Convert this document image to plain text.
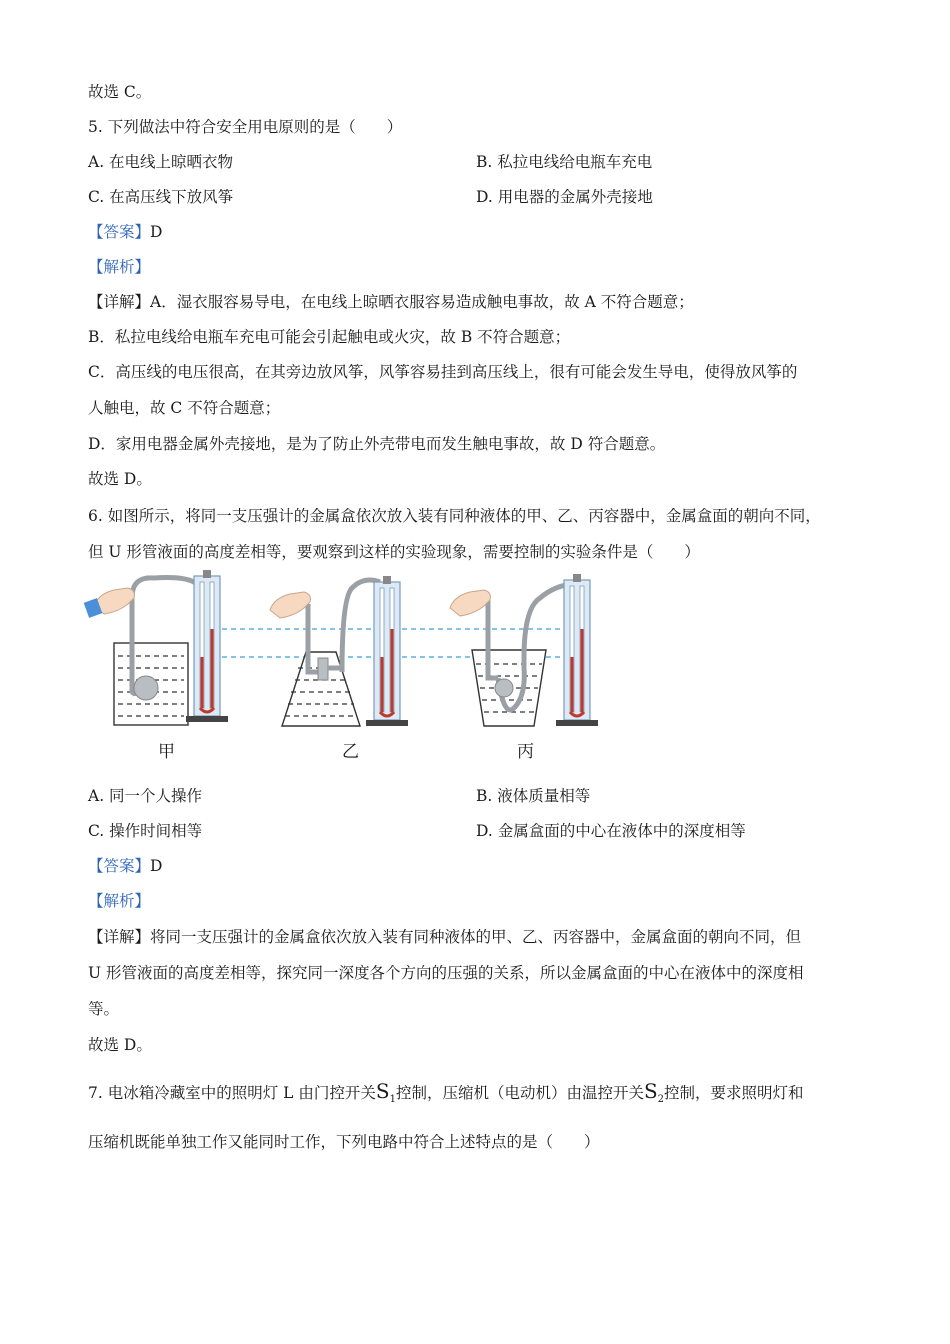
故选 C。
5. 下列做法中符合安全用电原则的是（　　）
A. 在电线上晾晒衣物	B. 私拉电线给电瓶车充电
C. 在高压线下放风筝	D. 用电器的金属外壳接地
【答案】D
【解析】
【详解】A．湿衣服容易导电，在电线上晾晒衣服容易造成触电事故，故 A 不符合题意；
B．私拉电线给电瓶车充电可能会引起触电或火灾，故 B 不符合题意；
C．高压线的电压很高，在其旁边放风筝，风筝容易挂到高压线上，很有可能会发生导电，使得放风筝的
人触电，故 C 不符合题意；
D．家用电器金属外壳接地，是为了防止外壳带电而发生触电事故，故 D 符合题意。
故选 D。
6. 如图所示，将同一支压强计的金属盒依次放入装有同种液体的甲、乙、丙容器中，金属盒面的朝向不同，
但 U 形管液面的高度差相等，要观察到这样的实验现象，需要控制的实验条件是（　　）
甲	乙	丙
A. 同一个人操作	B. 液体质量相等
C. 操作时间相等	D. 金属盒面的中心在液体中的深度相等
【答案】D
【解析】
【详解】将同一支压强计的金属盒依次放入装有同种液体的甲、乙、丙容器中，金属盒面的朝向不同，但
U 形管液面的高度差相等，探究同一深度各个方向的压强的关系，所以金属盒面的中心在液体中的深度相
等。
故选 D。
7. 电冰箱冷藏室中的照明灯 L 由门控开关$S_1$控制，压缩机（电动机）由温控开关$S_2$控制，要求照明灯和
压缩机既能单独工作又能同时工作，下列电路中符合上述特点的是（　　）
